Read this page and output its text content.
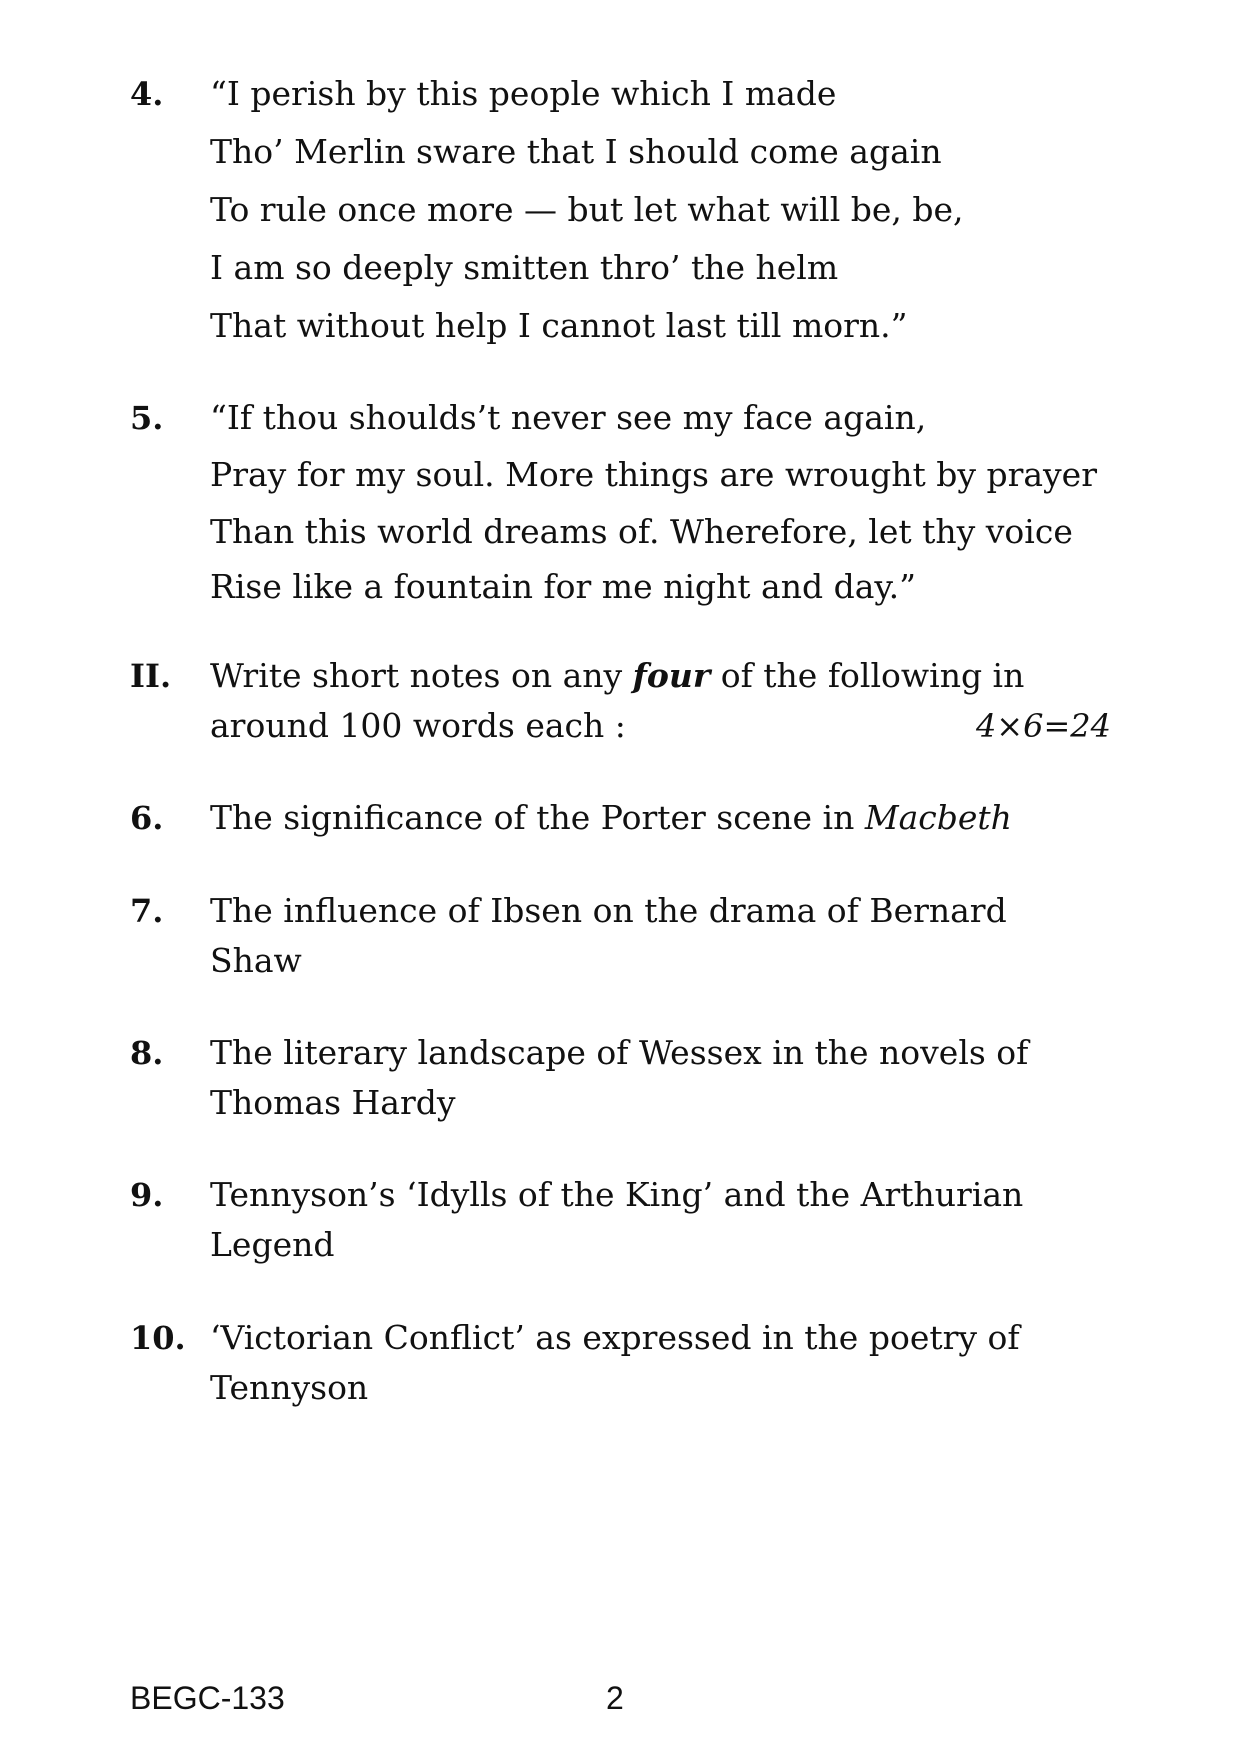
4. “I perish by this people which I made
Tho’ Merlin sware that I should come again
To rule once more — but let what will be, be,
I am so deeply smitten thro’ the helm
That without help I cannot last till morn.”
5. “If thou shoulds’t never see my face again,
Pray for my soul. More things are wrought by prayer
Than this world dreams of. Wherefore, let thy voice
Rise like a fountain for me night and day.”
II. Write short notes on any four of the following in
around 100 words each :	4×6=24
6. The significance of the Porter scene in Macbeth
7. The influence of Ibsen on the drama of Bernard
Shaw
8. The literary landscape of Wessex in the novels of
Thomas Hardy
9. Tennyson’s ‘Idylls of the King’ and the Arthurian
Legend
10. ‘Victorian Conflict’ as expressed in the poetry of
Tennyson
BEGC-133	2
